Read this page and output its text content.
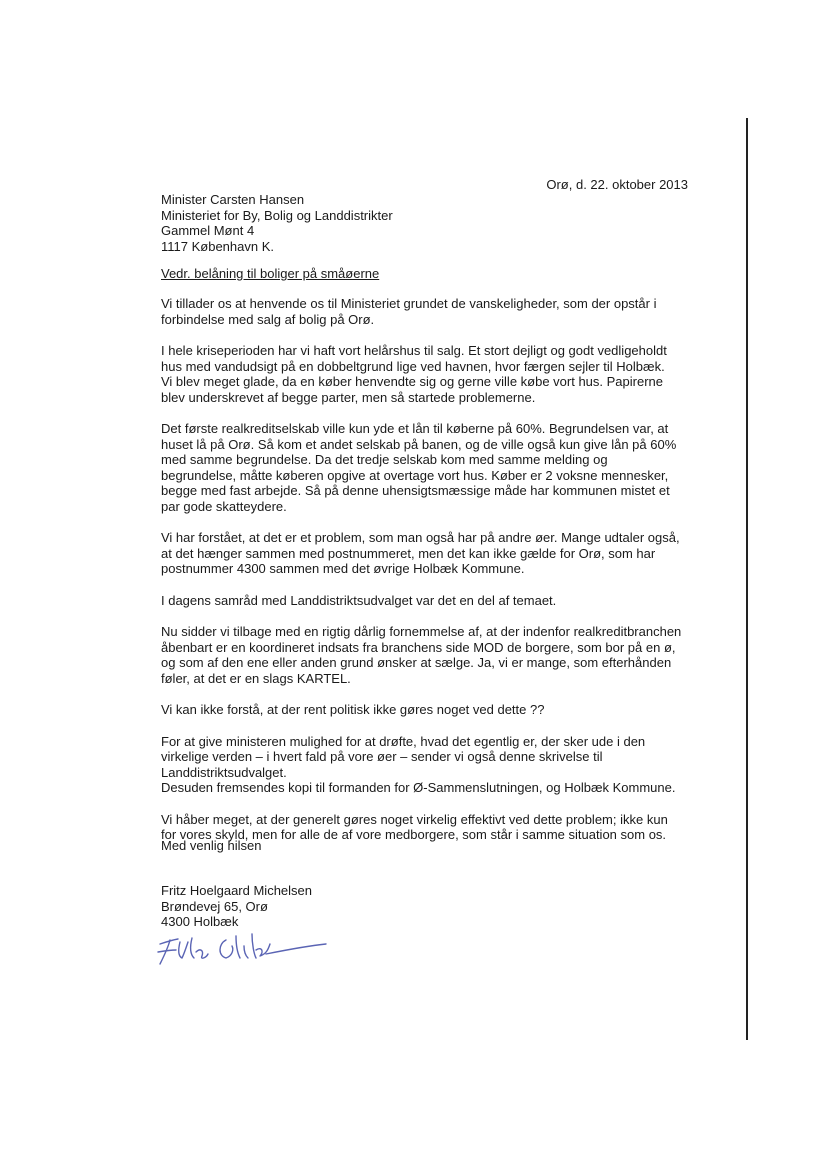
Orø, d. 22. oktober 2013
Minister Carsten Hansen
Ministeriet for By, Bolig og Landdistrikter
Gammel Mønt 4
1117 København K.
Vedr. belåning til boliger på småøerne

Vi tillader os at henvende os til Ministeriet grundet de vanskeligheder, som der opstår i
forbindelse med salg af bolig på Orø.

I hele kriseperioden har vi haft vort helårshus til salg. Et stort dejligt og godt vedligeholdt
hus med vandudsigt på en dobbeltgrund lige ved havnen, hvor færgen sejler til Holbæk.
Vi blev meget glade, da en køber henvendte sig og gerne ville købe vort hus. Papirerne
blev underskrevet af begge parter, men så startede problemerne.

Det første realkreditselskab ville kun yde et lån til køberne på 60%. Begrundelsen var, at
huset lå på Orø. Så kom et andet selskab på banen, og de ville også kun give lån på 60%
med samme begrundelse. Da det tredje selskab kom med samme melding og
begrundelse, måtte køberen opgive at overtage vort hus. Køber er 2 voksne mennesker,
begge med fast arbejde. Så på denne uhensigtsmæssige måde har kommunen mistet et
par gode skatteydere.

Vi har forstået, at det er et problem, som man også har på andre øer. Mange udtaler også,
at det hænger sammen med postnummeret, men det kan ikke gælde for Orø, som har
postnummer 4300 sammen med det øvrige Holbæk Kommune.

I dagens samråd med Landdistriktsudvalget var det en del af temaet.

Nu sidder vi tilbage med en rigtig dårlig fornemmelse af, at der indenfor realkreditbranchen
åbenbart er en koordineret indsats fra branchens side MOD de borgere, som bor på en ø,
og som af den ene eller anden grund ønsker at sælge. Ja, vi er mange, som efterhånden
føler, at det er en slags KARTEL.

Vi kan ikke forstå, at der rent politisk ikke gøres noget ved dette ??

For at give ministeren mulighed for at drøfte, hvad det egentlig er, der sker ude i den
virkelige verden – i hvert fald på vore øer – sender vi også denne skrivelse til
Landdistriktsudvalget.
Desuden fremsendes kopi til formanden for Ø-Sammenslutningen, og Holbæk Kommune.

Vi håber meget, at der generelt gøres noget virkelig effektivt ved dette problem; ikke kun
for vores skyld, men for alle de af vore medborgere, som står i samme situation som os.

Med venlig hilsen
Fritz Hoelgaard Michelsen
Brøndevej 65, Orø
4300 Holbæk
